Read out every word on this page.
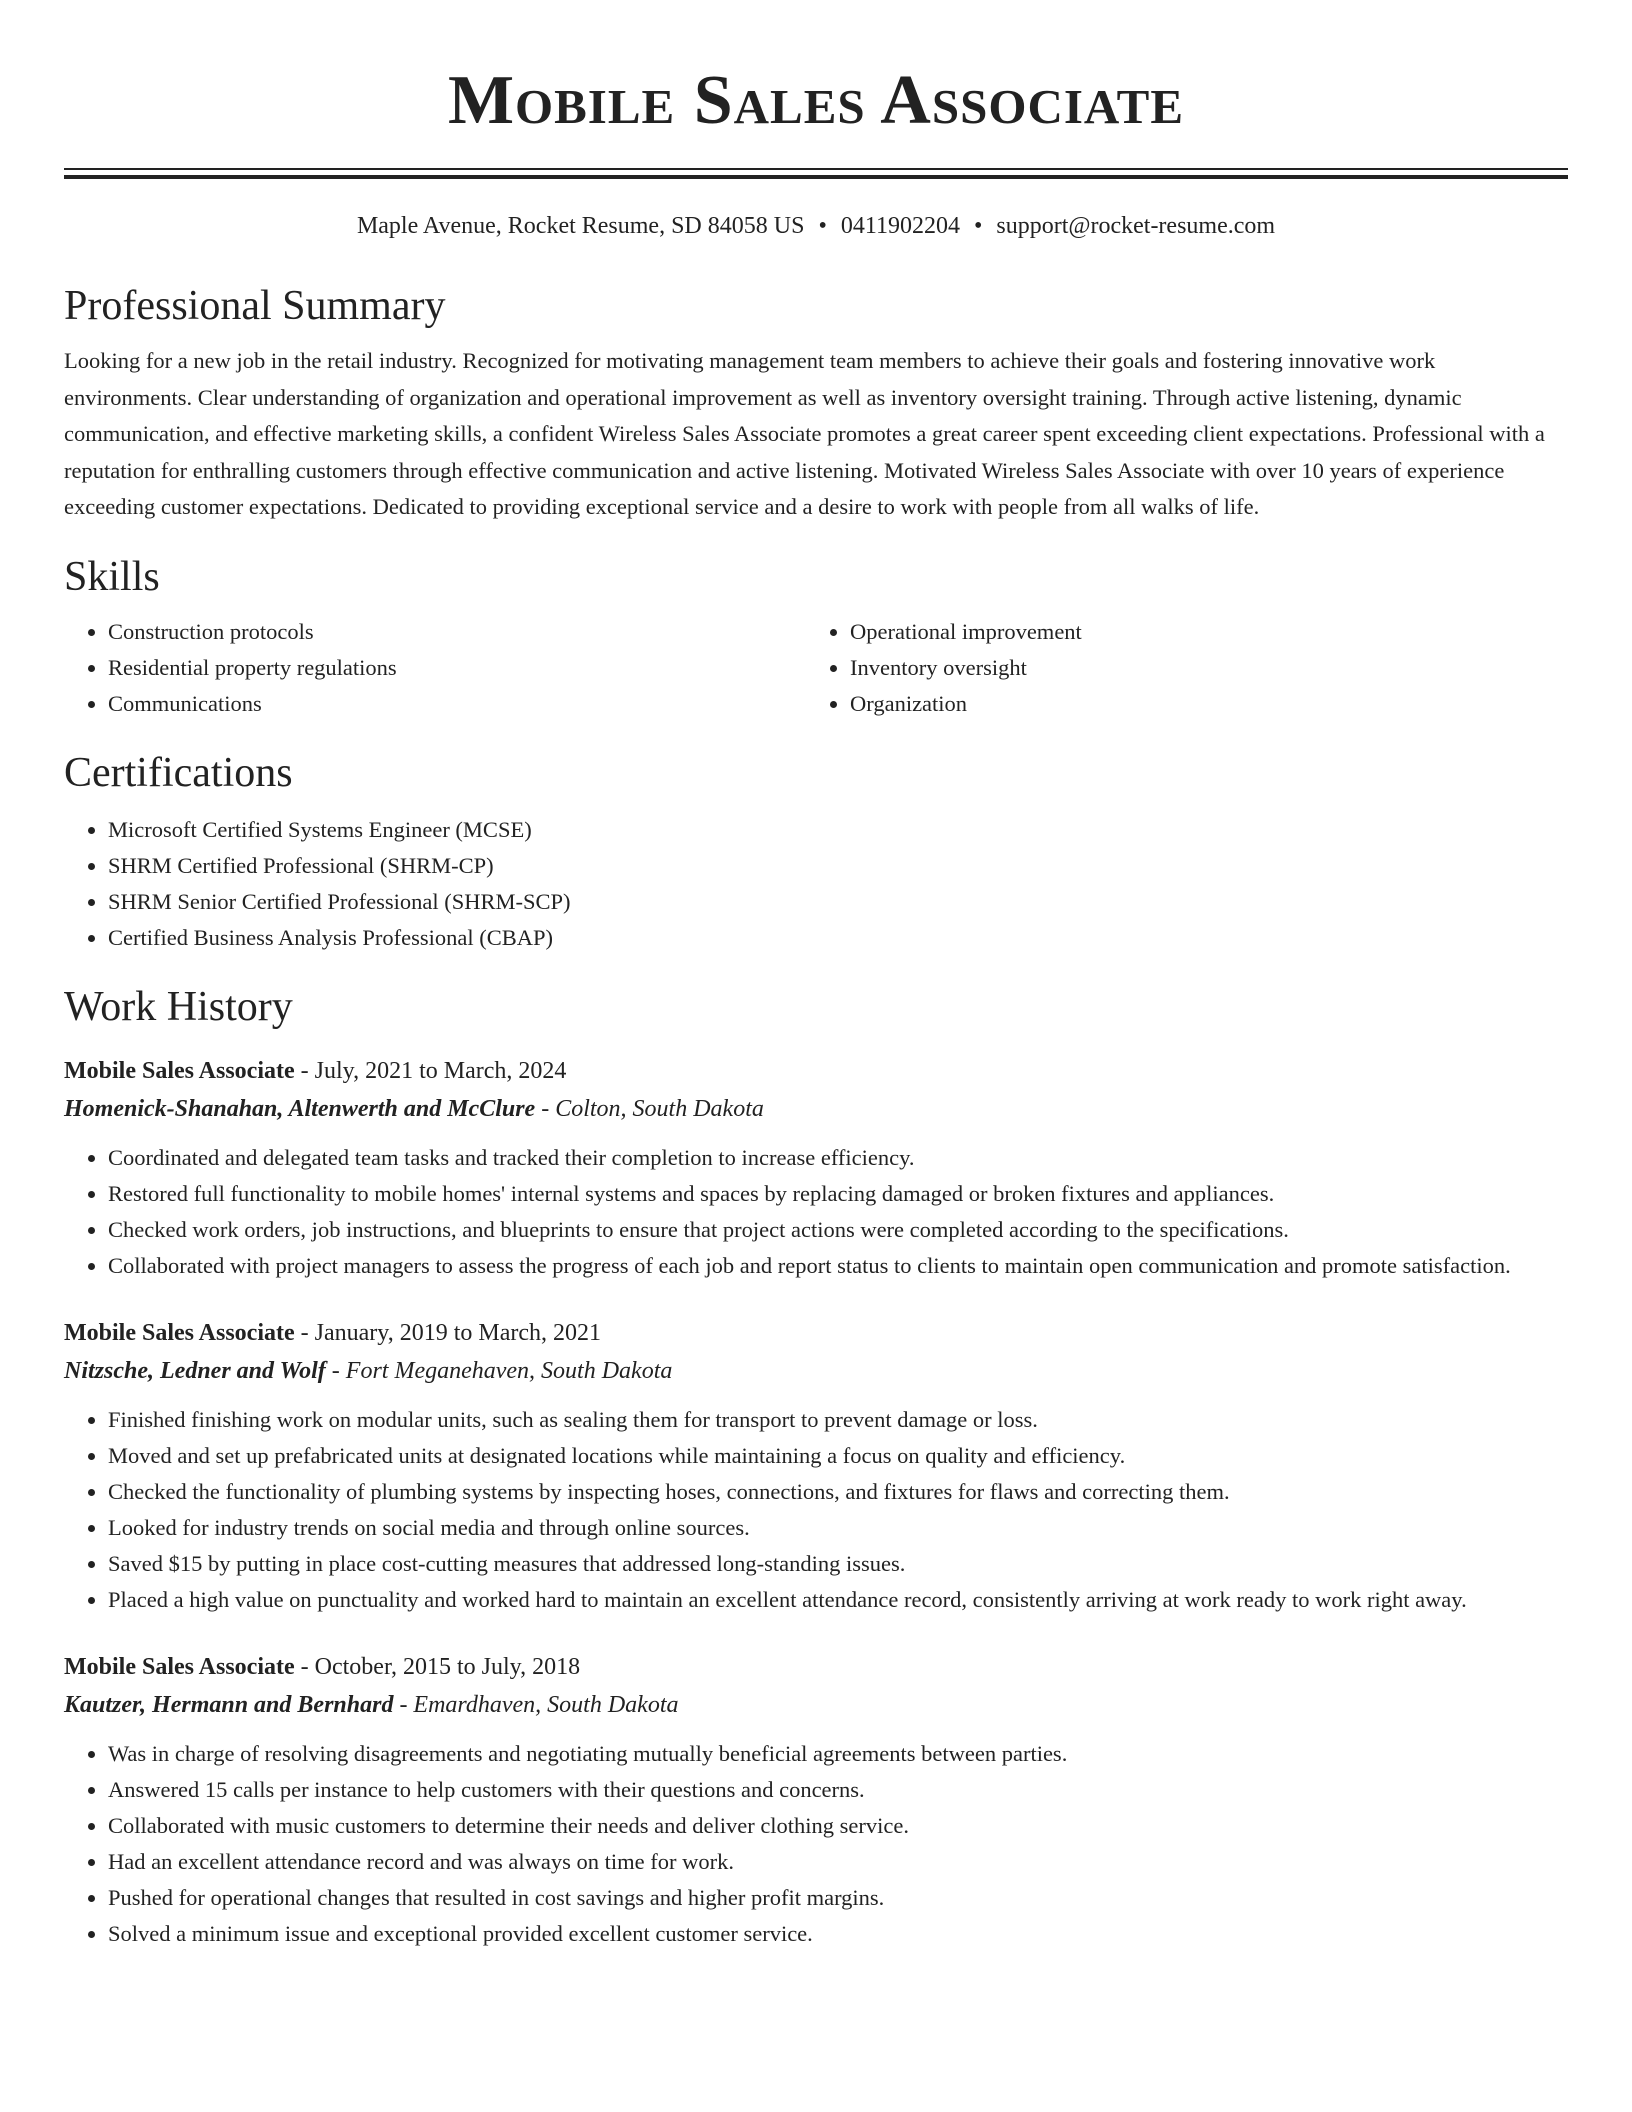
Mobile Sales Associate
Maple Avenue, Rocket Resume, SD 84058 US • 0411902204 • support@rocket-resume.com
Professional Summary

Looking for a new job in the retail industry. Recognized for motivating management team members to achieve their goals and fostering innovative work environments. Clear understanding of organization and operational improvement as well as inventory oversight training. Through active listening, dynamic communication, and effective marketing skills, a confident Wireless Sales Associate promotes a great career spent exceeding client expectations. Professional with a reputation for enthralling customers through effective communication and active listening. Motivated Wireless Sales Associate with over 10 years of experience exceeding customer expectations. Dedicated to providing exceptional service and a desire to work with people from all walks of life.

Skills
• Construction protocols
• Residential property regulations
• Communications
• Operational improvement
• Inventory oversight
• Organization
Certifications
• Microsoft Certified Systems Engineer (MCSE)
• SHRM Certified Professional (SHRM-CP)
• SHRM Senior Certified Professional (SHRM-SCP)
• Certified Business Analysis Professional (CBAP)
Work History
Mobile Sales Associate - July, 2021 to March, 2024
Homenick-Shanahan, Altenwerth and McClure - Colton, South Dakota
• Coordinated and delegated team tasks and tracked their completion to increase efficiency.
• Restored full functionality to mobile homes' internal systems and spaces by replacing damaged or broken fixtures and appliances.
• Checked work orders, job instructions, and blueprints to ensure that project actions were completed according to the specifications.
• Collaborated with project managers to assess the progress of each job and report status to clients to maintain open communication and promote satisfaction.
Mobile Sales Associate - January, 2019 to March, 2021
Nitzsche, Ledner and Wolf - Fort Meganehaven, South Dakota
• Finished finishing work on modular units, such as sealing them for transport to prevent damage or loss.
• Moved and set up prefabricated units at designated locations while maintaining a focus on quality and efficiency.
• Checked the functionality of plumbing systems by inspecting hoses, connections, and fixtures for flaws and correcting them.
• Looked for industry trends on social media and through online sources.
• Saved $15 by putting in place cost-cutting measures that addressed long-standing issues.
• Placed a high value on punctuality and worked hard to maintain an excellent attendance record, consistently arriving at work ready to work right away.
Mobile Sales Associate - October, 2015 to July, 2018
Kautzer, Hermann and Bernhard - Emardhaven, South Dakota
• Was in charge of resolving disagreements and negotiating mutually beneficial agreements between parties.
• Answered 15 calls per instance to help customers with their questions and concerns.
• Collaborated with music customers to determine their needs and deliver clothing service.
• Had an excellent attendance record and was always on time for work.
• Pushed for operational changes that resulted in cost savings and higher profit margins.
• Solved a minimum issue and exceptional provided excellent customer service.
